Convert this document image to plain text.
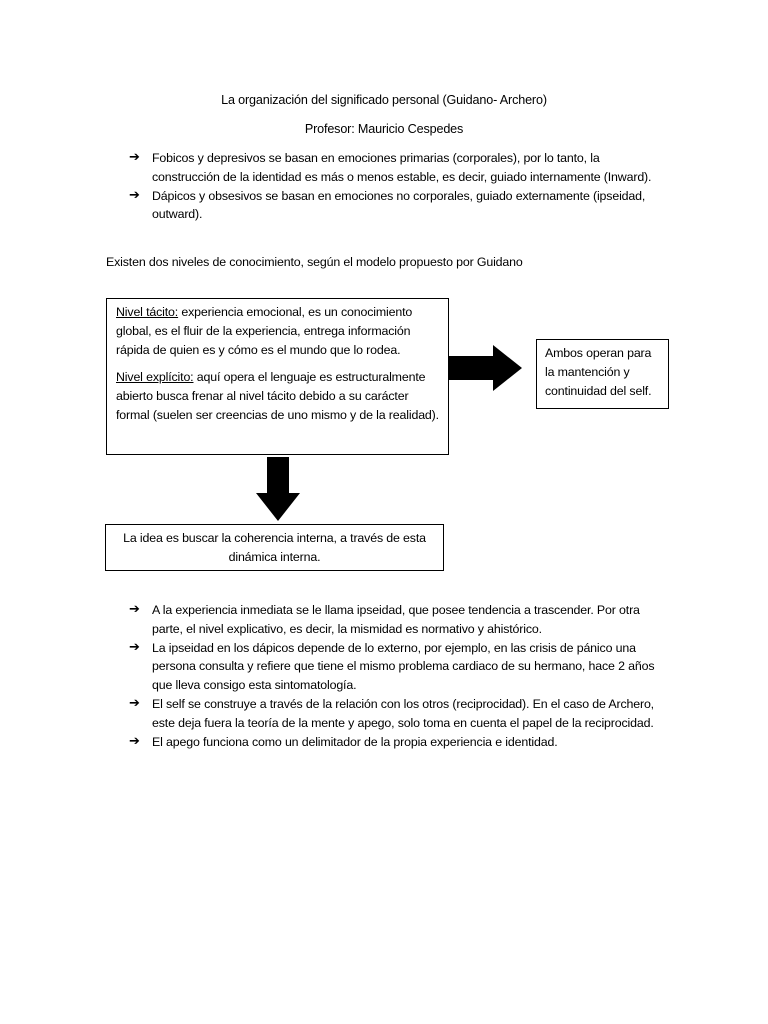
La organización del significado personal (Guidano- Archero)
Profesor: Mauricio Cespedes
➔ Fobicos y depresivos se basan en emociones primarias (corporales), por lo tanto, la construcción de la identidad es más o menos estable, es decir, guiado internamente (Inward).
➔ Dápicos y obsesivos se basan en emociones no corporales, guiado externamente (ipseidad, outward).
Existen dos niveles de conocimiento, según el modelo propuesto por Guidano

Nivel tácito: experiencia emocional, es un conocimiento global, es el fluir de la experiencia, entrega información rápida de quien es y cómo es el mundo que lo rodea.

Nivel explícito: aquí opera el lenguaje es estructuralmente abierto busca frenar al nivel tácito debido a su carácter formal (suelen ser creencias de uno mismo y de la realidad).

Ambos operan para la mantención y continuidad del self.
La idea es buscar la coherencia interna, a través de esta dinámica interna.
➔ A la experiencia inmediata se le llama ipseidad, que posee tendencia a trascender. Por otra parte, el nivel explicativo, es decir, la mismidad es normativo y ahistórico.
➔ La ipseidad en los dápicos depende de lo externo, por ejemplo, en las crisis de pánico una persona consulta y refiere que tiene el mismo problema cardiaco de su hermano, hace 2 años que lleva consigo esta sintomatología.
➔ El self se construye a través de la relación con los otros (reciprocidad). En el caso de Archero, este deja fuera la teoría de la mente y apego, solo toma en cuenta el papel de la reciprocidad.
➔ El apego funciona como un delimitador de la propia experiencia e identidad.
